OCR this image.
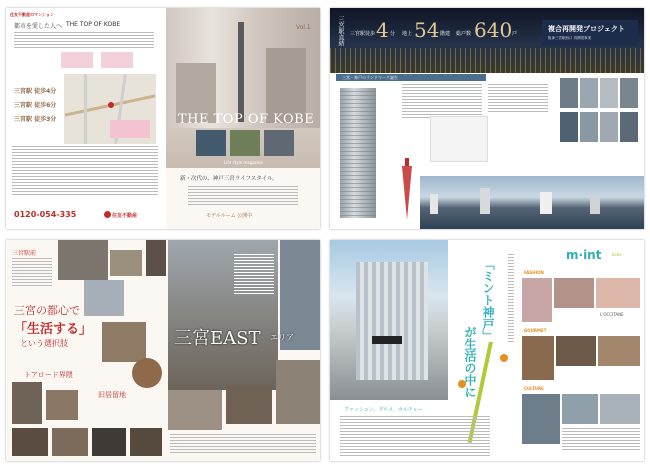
住友不動産のマンション
都市を愛した人へ THE TOP OF KOBE
三宮駅 徒歩4分
三宮駅 徒歩6分
三宮駅 徒歩3分
0120-054-335	住友不動産
Vol.1
THE TOP OF KOBE
Life style magazine
新・次代の、神戸三宮ライフスタイル。
モデルルーム 公開中
三宮駅直結 三宮駅徒歩 4 分 地上 54 階建 総戸数 640 戸
複合再開発プロジェクト
阪神三宮駅西口 再開発事業
三宮・神戸のランドマーク誕生
三宮駅前
三宮の都心で
「生活する」
という選択肢
トアロード界隈
旧居留地
三宮EAST エリア	「ミント神戸」
が生活の中に
ファッション、グルメ、カルチャー
m·int	kobe
FASHION
L'OCCITANE
GOURMET
CULTURE
